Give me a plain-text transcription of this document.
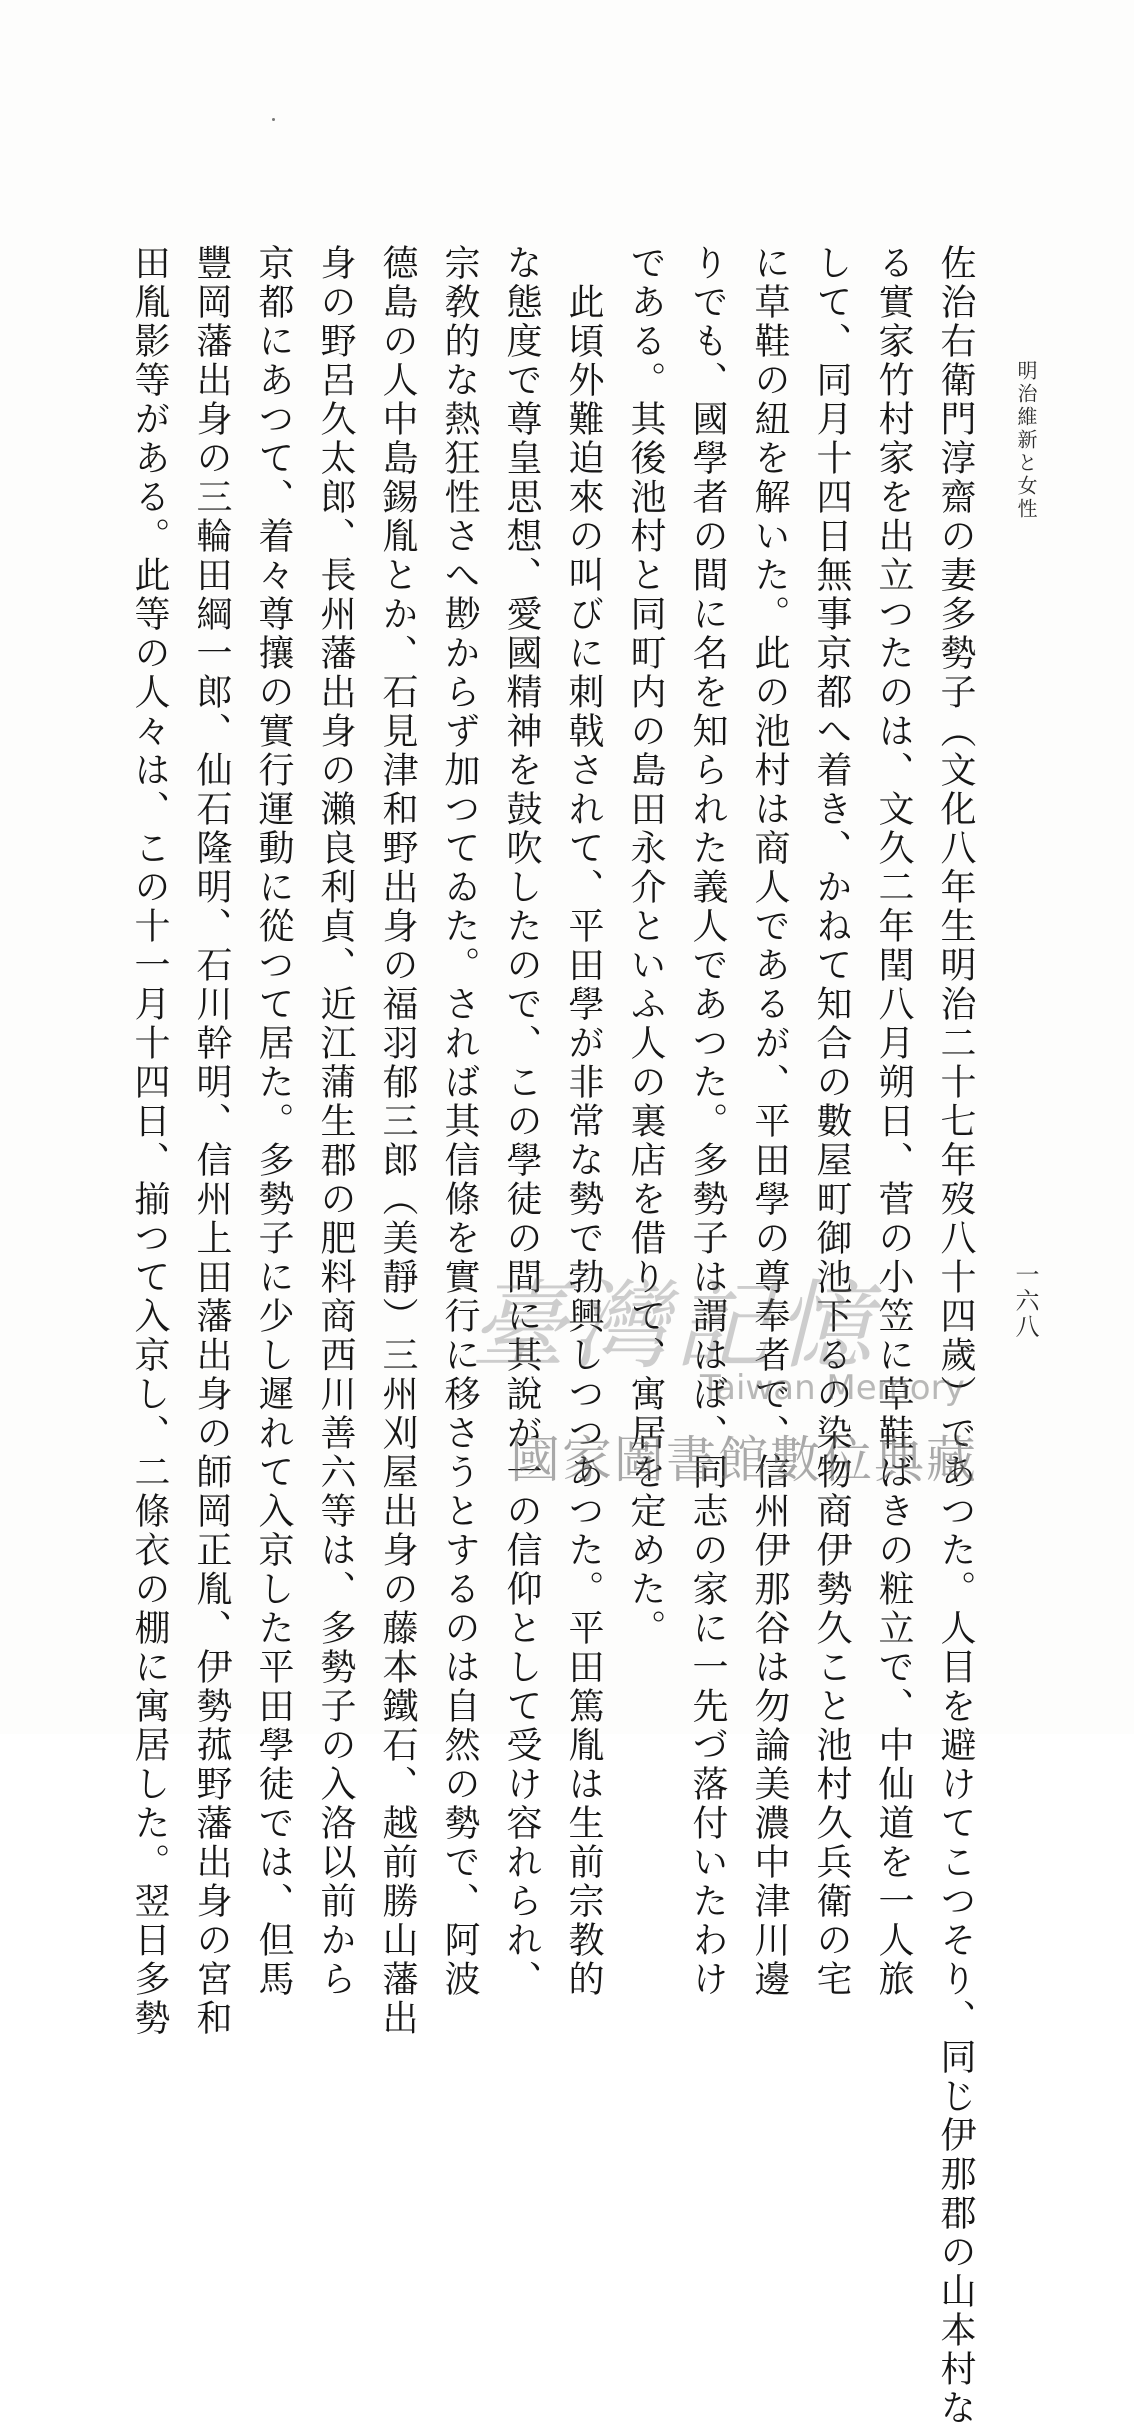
明治維新と女性
一六八
佐治右衛門淳齋の妻多勢子（文化八年生明治二十七年歿八十四歲）であつた。人目を避けてこつそり、同じ伊那郡の山本村な
る實家竹村家を出立つたのは、文久二年閏八月朔日、菅の小笠に草鞋ばきの粧立で、中仙道を一人旅
して、同月十四日無事京都へ着き、かねて知合の數屋町御池下るの染物商伊勢久こと池村久兵衛の宅
に草鞋の紐を解いた。此の池村は商人であるが、平田學の尊奉者で、信州伊那谷は勿論美濃中津川邊
りでも、國學者の間に名を知られた義人であつた。多勢子は謂はば、同志の家に一先づ落付いたわけ
である。其後池村と同町内の島田永介といふ人の裏店を借りて、寓居を定めた。
　此頃外難迫來の叫びに刺戟されて、平田學が非常な勢で勃興しつつあつた。平田篤胤は生前宗教的
な態度で尊皇思想、愛國精神を鼓吹したので、この學徒の間に其說が一の信仰として受け容れられ、
宗敎的な熱狂性さへ尠からず加つてゐた。されば其信條を實行に移さうとするのは自然の勢で、阿波
德島の人中島錫胤とか、石見津和野出身の福羽郁三郎（美靜）三州刈屋出身の藤本鐵石、越前勝山藩出
身の野呂久太郎、長州藩出身の瀨良利貞、近江蒲生郡の肥料商西川善六等は、多勢子の入洛以前から
京都にあつて、着々尊攘の實行運動に從つて居た。多勢子に少し遲れて入京した平田學徒では、但馬
豐岡藩出身の三輪田綱一郎、仙石隆明、石川幹明、信州上田藩出身の師岡正胤、伊勢菰野藩出身の宮和
田胤影等がある。此等の人々は、この十一月十四日、揃つて入京し、二條衣の棚に寓居した。翌日多勢	臺灣記憶
Taiwan Memory
國家圖書館數位典藏
